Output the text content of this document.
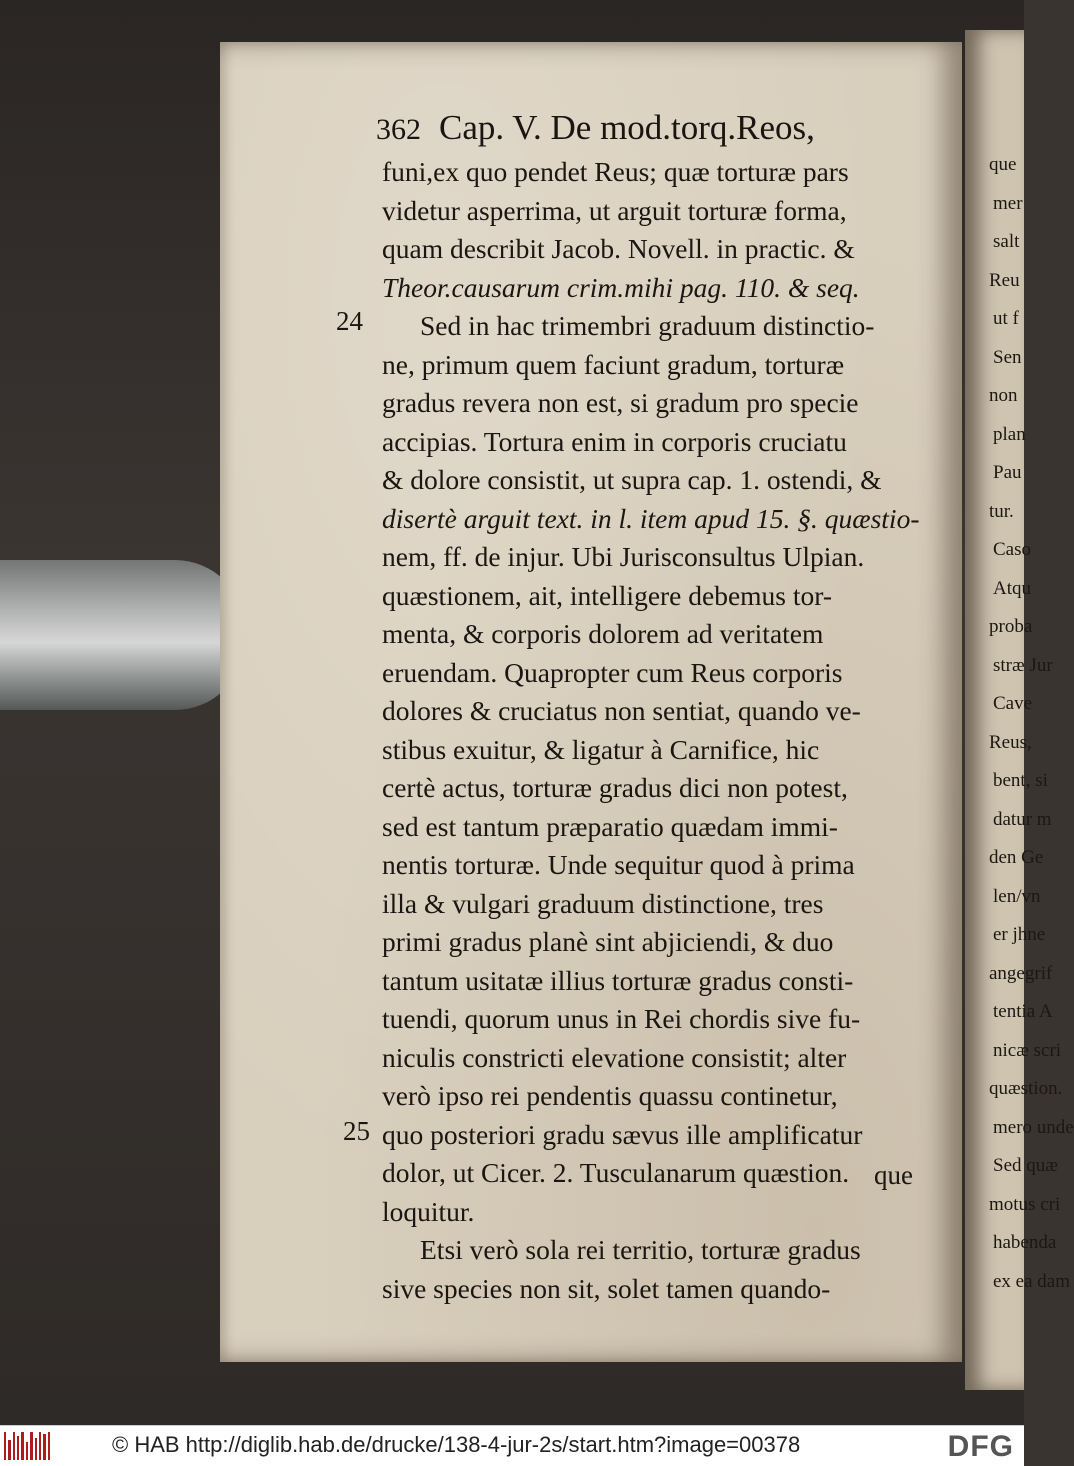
que
mer
salt
Reu
ut f
Sen
non
plan
Pau
tur.
Caso
Atqu
proba
stræ Jur
Cave
Reus,
bent, si
datur m
den Ge
len/vn
er jhne
angegrif
tentia A
nicæ scri
quæstion.
mero unde
Sed quæ
motus cri
habenda
ex ea dam
362 Cap. V. De mod.torq.Reos,
funi,ex quo pendet Reus; quæ torturæ pars
videtur asperrima, ut arguit torturæ forma,
quam describit Jacob. Novell. in practic. &
Theor.causarum crim.mihi pag. 110. & seq.
Sed in hac trimembri graduum distinctio-
ne, primum quem faciunt gradum, torturæ
gradus revera non est, si gradum pro specie
accipias. Tortura enim in corporis cruciatu
& dolore consistit, ut supra cap. 1. ostendi, &
disertè arguit text. in l. item apud 15. §. quæstio-
nem, ff. de injur. Ubi Jurisconsultus Ulpian.
quæstionem, ait, intelligere debemus tor-
menta, & corporis dolorem ad veritatem
eruendam. Quapropter cum Reus corporis
dolores & cruciatus non sentiat, quando ve-
stibus exuitur, & ligatur à Carnifice, hic
certè actus, torturæ gradus dici non potest,
sed est tantum præparatio quædam immi-
nentis torturæ. Unde sequitur quod à prima
illa & vulgari graduum distinctione, tres
primi gradus planè sint abjiciendi, & duo
tantum usitatæ illius torturæ gradus consti-
tuendi, quorum unus in Rei chordis sive fu-
niculis constricti elevatione consistit; alter
verò ipso rei pendentis quassu continetur,
quo posteriori gradu sævus ille amplificatur
dolor, ut Cicer. 2. Tusculanarum quæstion.
loquitur.
Etsi verò sola rei territio, torturæ gradus
sive species non sit, solet tamen quando-
24
25
que
© HAB http://diglib.hab.de/drucke/138-4-jur-2s/start.htm?image=00378	DFG
